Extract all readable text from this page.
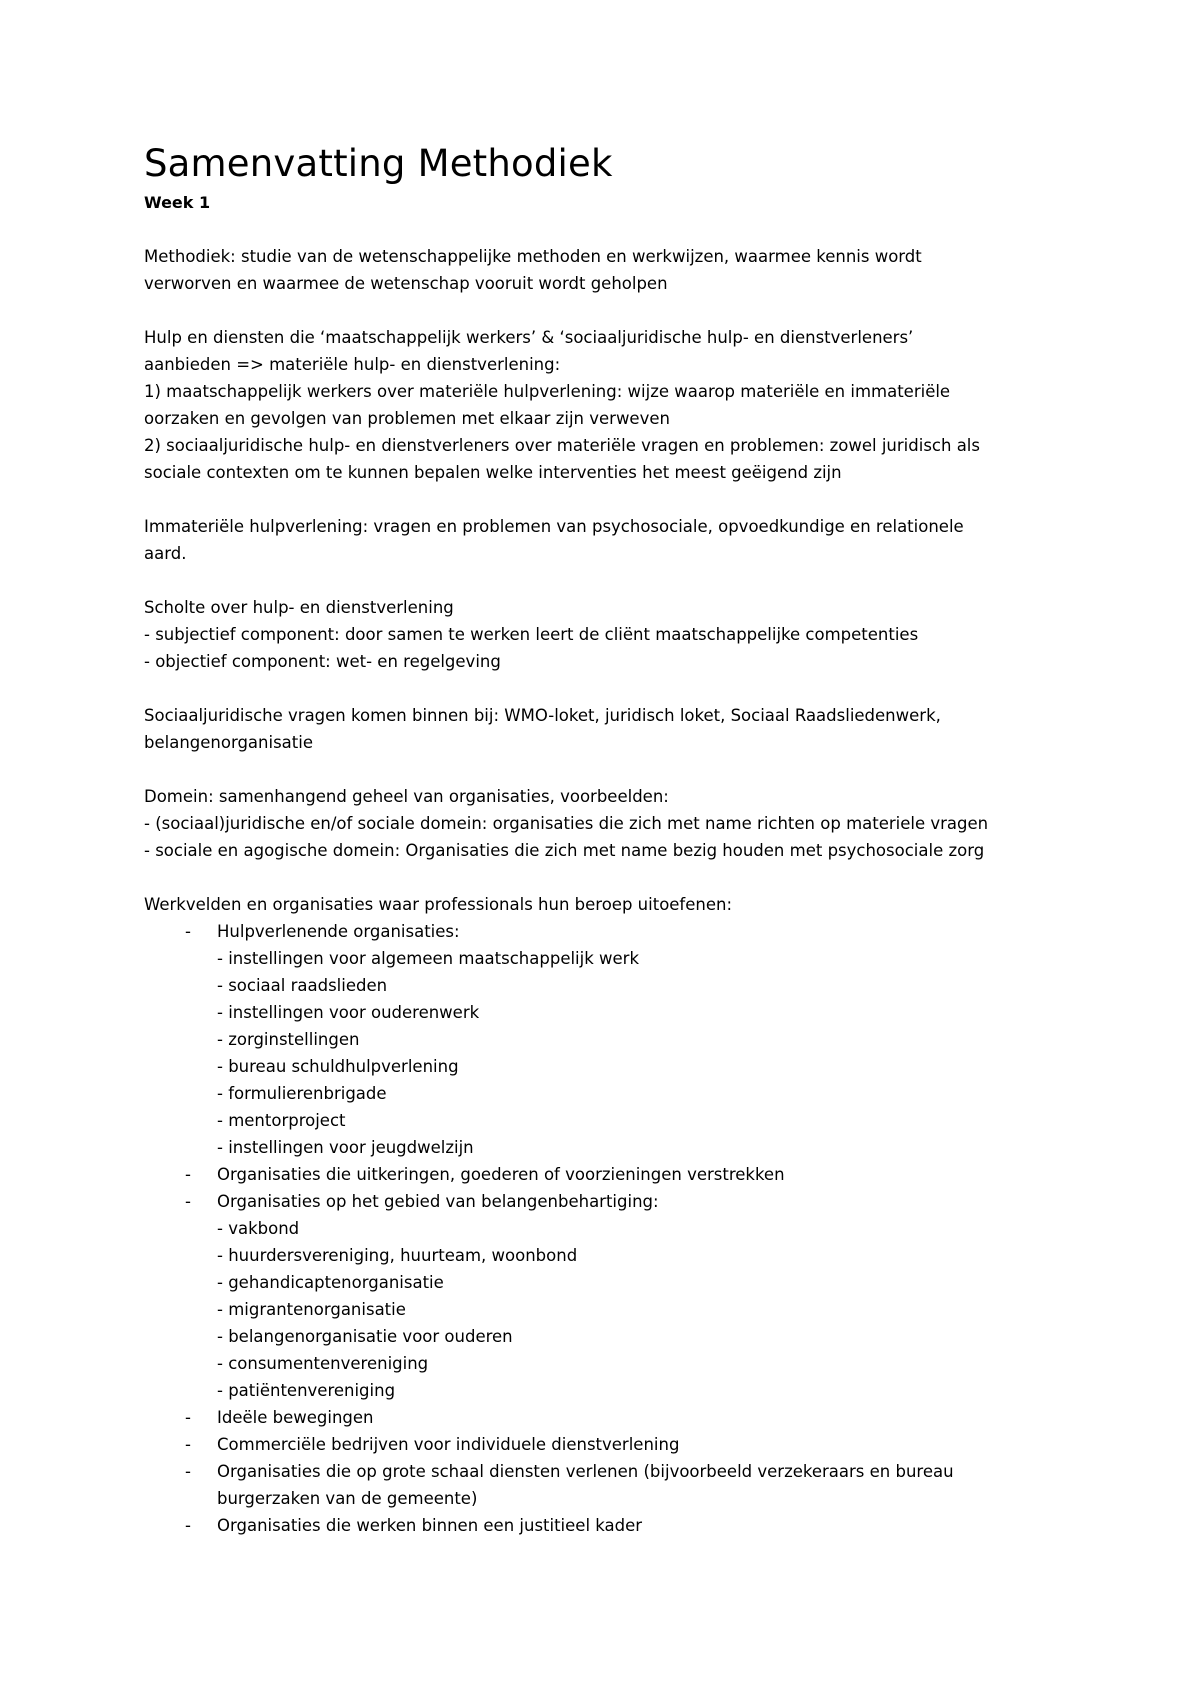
Samenvatting Methodiek
Week 1
Methodiek: studie van de wetenschappelijke methoden en werkwijzen, waarmee kennis wordt
verworven en waarmee de wetenschap vooruit wordt geholpen
Hulp en diensten die ‘maatschappelijk werkers’ & ‘sociaaljuridische hulp- en dienstverleners’
aanbieden => materiële hulp- en dienstverlening:
1) maatschappelijk werkers over materiële hulpverlening: wijze waarop materiële en immateriële
oorzaken en gevolgen van problemen met elkaar zijn verweven
2) sociaaljuridische hulp- en dienstverleners over materiële vragen en problemen: zowel juridisch als
sociale contexten om te kunnen bepalen welke interventies het meest geëigend zijn
Immateriële hulpverlening: vragen en problemen van psychosociale, opvoedkundige en relationele
aard.
Scholte over hulp- en dienstverlening
- subjectief component: door samen te werken leert de cliënt maatschappelijke competenties
- objectief component: wet- en regelgeving
Sociaaljuridische vragen komen binnen bij: WMO-loket, juridisch loket, Sociaal Raadsliedenwerk,
belangenorganisatie
Domein: samenhangend geheel van organisaties, voorbeelden:
- (sociaal)juridische en/of sociale domein: organisaties die zich met name richten op materiele vragen
- sociale en agogische domein: Organisaties die zich met name bezig houden met psychosociale zorg
Werkvelden en organisaties waar professionals hun beroep uitoefenen:
- Hulpverlenende organisaties:
- instellingen voor algemeen maatschappelijk werk
- sociaal raadslieden
- instellingen voor ouderenwerk
- zorginstellingen
- bureau schuldhulpverlening
- formulierenbrigade
- mentorproject
- instellingen voor jeugdwelzijn
- Organisaties die uitkeringen, goederen of voorzieningen verstrekken
- Organisaties op het gebied van belangenbehartiging:
- vakbond
- huurdersvereniging, huurteam, woonbond
- gehandicaptenorganisatie
- migrantenorganisatie
- belangenorganisatie voor ouderen
- consumentenvereniging
- patiëntenvereniging
- Ideële bewegingen
- Commerciële bedrijven voor individuele dienstverlening
- Organisaties die op grote schaal diensten verlenen (bijvoorbeeld verzekeraars en bureau
burgerzaken van de gemeente)
- Organisaties die werken binnen een justitieel kader
